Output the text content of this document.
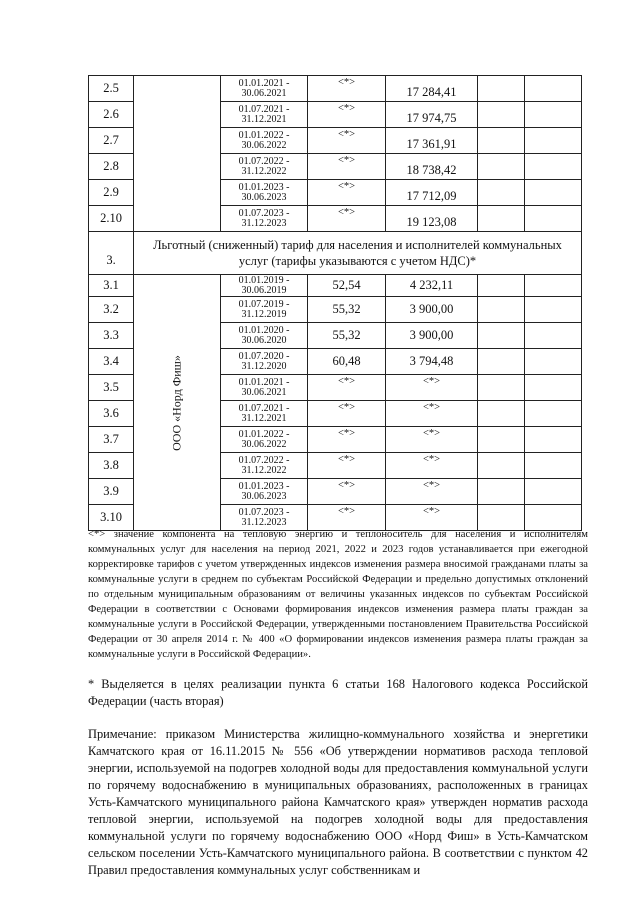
2.5		01.01.2021 - 30.06.2021	<*>	17 284,41		
2.6		01.07.2021 - 31.12.2021	<*>	17 974,75		
2.7		01.01.2022 - 30.06.2022	<*>	17 361,91		
2.8		01.07.2022 - 31.12.2022	<*>	18 738,42		
2.9		01.01.2023 - 30.06.2023	<*>	17 712,09		
2.10		01.07.2023 - 31.12.2023	<*>	19 123,08		
3.	Льготный (сниженный) тариф для населения и исполнителей коммунальных услуг (тарифы указываются с учетом НДС)*					
3.1	ООО «Норд Фиш»	01.01.2019 - 30.06.2019	52,54	4 232,11		
3.2		01.07.2019 - 31.12.2019	55,32	3 900,00		
3.3		01.01.2020 - 30.06.2020	55,32	3 900,00		
3.4		01.07.2020 - 31.12.2020	60,48	3 794,48		
3.5		01.01.2021 - 30.06.2021	<*>	<*>		
3.6		01.07.2021 - 31.12.2021	<*>	<*>		
3.7		01.01.2022 - 30.06.2022	<*>	<*>		
3.8		01.07.2022 - 31.12.2022	<*>	<*>		
3.9		01.01.2023 - 30.06.2023	<*>	<*>		
3.10		01.07.2023 - 31.12.2023	<*>	<*>		

<*> значение компонента на тепловую энергию и теплоноситель для населения и исполнителям коммунальных услуг для населения на период 2021, 2022 и 2023 годов устанавливается при ежегодной корректировке тарифов с учетом утвержденных индексов изменения размера вносимой гражданами платы за коммунальные услуги в среднем по субъектам Российской Федерации и предельно допустимых отклонений по отдельным муниципальным образованиям от величины указанных индексов по субъектам Российской Федерации в соответствии с Основами формирования индексов изменения размера платы граждан за коммунальные услуги в Российской Федерации, утвержденными постановлением Правительства Российской Федерации от 30 апреля 2014 г. № 400 «О формировании индексов изменения размера платы граждан за коммунальные услуги в Российской Федерации».

* Выделяется в целях реализации пункта 6 статьи 168 Налогового кодекса Российской Федерации (часть вторая)

Примечание: приказом Министерства жилищно-коммунального хозяйства и энергетики Камчатского края от 16.11.2015 № 556 «Об утверждении нормативов расхода тепловой энергии, используемой на подогрев холодной воды для предоставления коммунальной услуги по горячему водоснабжению в муниципальных образованиях, расположенных в границах Усть-Камчатского муниципального района Камчатского края» утвержден норматив расхода тепловой энергии, используемой на подогрев холодной воды для предоставления коммунальной услуги по горячему водоснабжению ООО «Норд Фиш» в Усть-Камчатском сельском поселении Усть-Камчатского муниципального района. В соответствии с пунктом 42 Правил предоставления коммунальных услуг собственникам и
